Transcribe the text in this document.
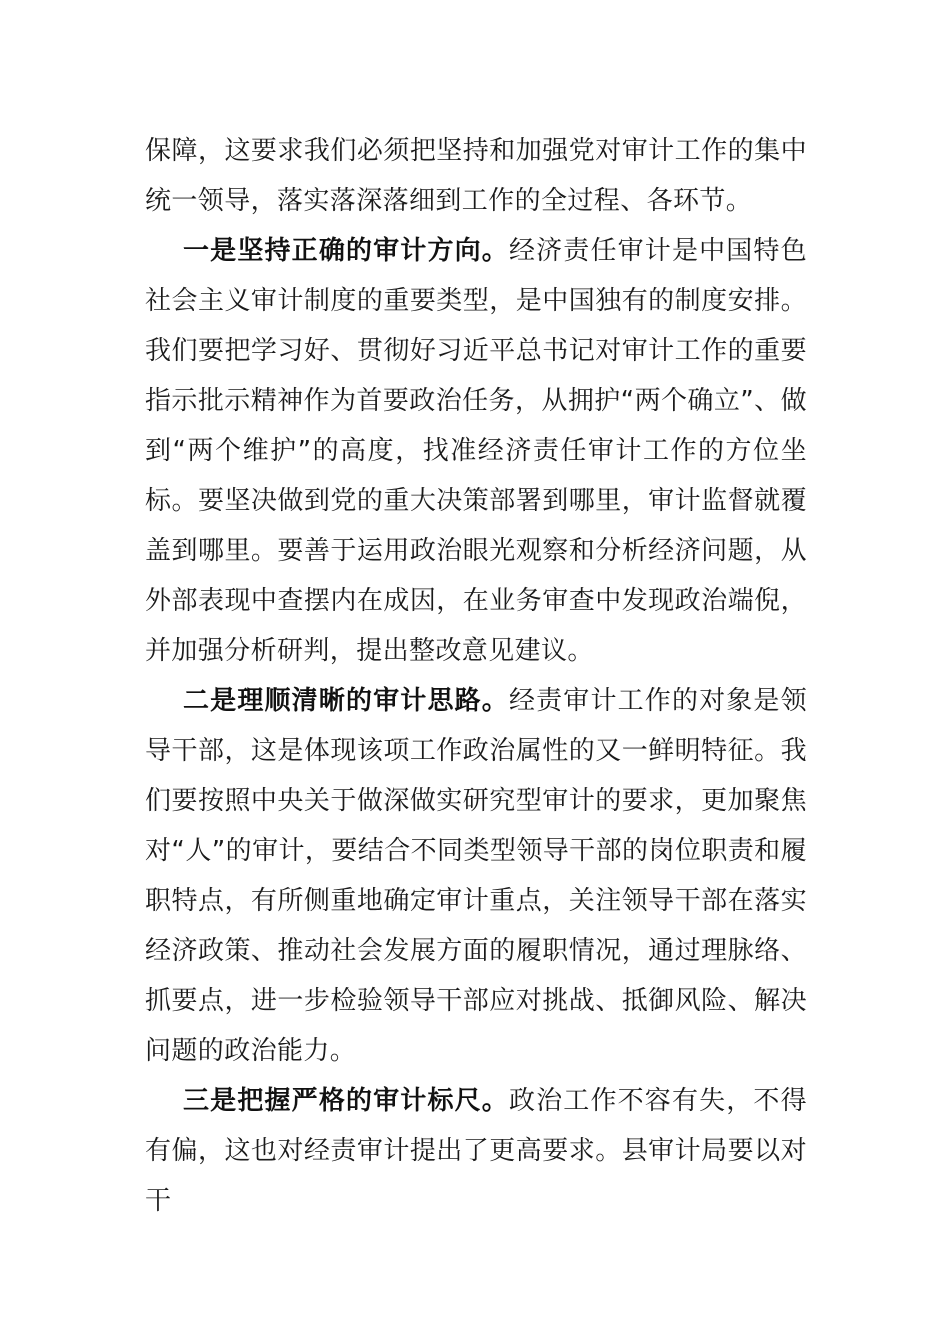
保障，这要求我们必须把坚持和加强党对审计工作的集中统一领导，落实落深落细到工作的全过程、各环节。

一是坚持正确的审计方向。经济责任审计是中国特色社会主义审计制度的重要类型，是中国独有的制度安排。我们要把学习好、贯彻好习近平总书记对审计工作的重要指示批示精神作为首要政治任务，从拥护“两个确立”、做到“两个维护”的高度，找准经济责任审计工作的方位坐标。要坚决做到党的重大决策部署到哪里，审计监督就覆盖到哪里。要善于运用政治眼光观察和分析经济问题，从外部表现中查摆内在成因，在业务审查中发现政治端倪，并加强分析研判，提出整改意见建议。

二是理顺清晰的审计思路。经责审计工作的对象是领导干部，这是体现该项工作政治属性的又一鲜明特征。我们要按照中央关于做深做实研究型审计的要求，更加聚焦对“人”的审计，要结合不同类型领导干部的岗位职责和履职特点，有所侧重地确定审计重点，关注领导干部在落实经济政策、推动社会发展方面的履职情况，通过理脉络、抓要点，进一步检验领导干部应对挑战、抵御风险、解决问题的政治能力。

三是把握严格的审计标尺。政治工作不容有失，不得有偏，这也对经责审计提出了更高要求。县审计局要以对干
